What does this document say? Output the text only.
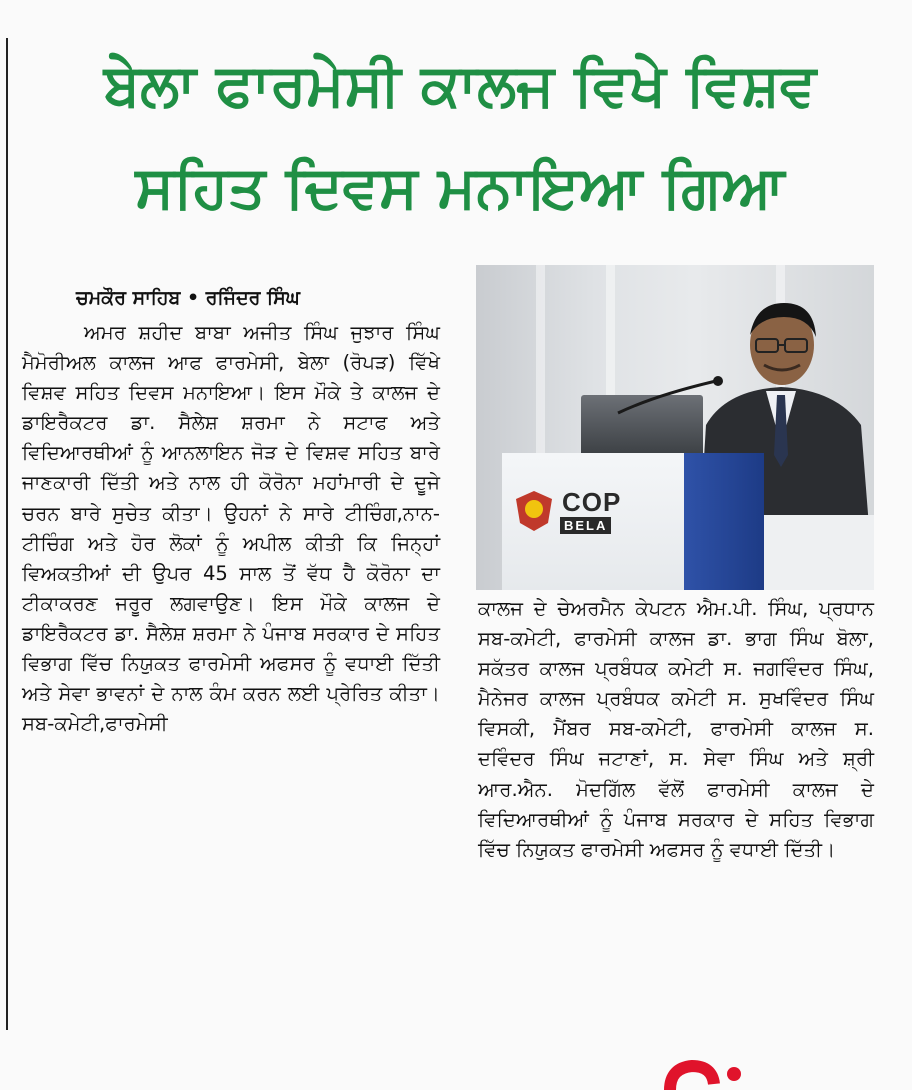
ਬੇਲਾ ਫਾਰਮੇਸੀ ਕਾਲਜ ਵਿਖੇ ਵਿਸ਼ਵ
ਸਹਿਤ ਦਿਵਸ ਮਨਾਇਆ ਗਿਆ
ਚਮਕੌਰ ਸਾਹਿਬ • ਰਜਿੰਦਰ ਸਿੰਘ

ਅਮਰ ਸ਼ਹੀਦ ਬਾਬਾ ਅਜੀਤ ਸਿੰਘ ਜੁਝਾਰ ਸਿੰਘ ਮੈਮੋਰੀਅਲ ਕਾਲਜ ਆਫ ਫਾਰਮੇਸੀ, ਬੇਲਾ (ਰੋਪੜ) ਵਿੱਖੇ ਵਿਸ਼ਵ ਸਹਿਤ ਦਿਵਸ ਮਨਾਇਆ। ਇਸ ਮੌਕੇ ਤੇ ਕਾਲਜ ਦੇ ਡਾਇਰੈਕਟਰ ਡਾ. ਸੈਲੇਸ਼ ਸ਼ਰਮਾ ਨੇ ਸਟਾਫ ਅਤੇ ਵਿਦਿਆਰਥੀਆਂ ਨੂੰ ਆਨਲਾਇਨ ਜੋੜ ਦੇ ਵਿਸ਼ਵ ਸਹਿਤ ਬਾਰੇ ਜਾਣਕਾਰੀ ਦਿੱਤੀ ਅਤੇ ਨਾਲ ਹੀ ਕੋਰੋਨਾ ਮਹਾਂਮਾਰੀ ਦੇ ਦੂਜੇ ਚਰਨ ਬਾਰੇ ਸੁਚੇਤ ਕੀਤਾ। ਉਹਨਾਂ ਨੇ ਸਾਰੇ ਟੀਚਿੰਗ,ਨਾਨ-ਟੀਚਿੰਗ ਅਤੇ ਹੋਰ ਲੋਕਾਂ ਨੂੰ ਅਪੀਲ ਕੀਤੀ ਕਿ ਜਿਨ੍ਹਾਂ ਵਿਅਕਤੀਆਂ ਦੀ ਉਪਰ 45 ਸਾਲ ਤੋਂ ਵੱਧ ਹੈ ਕੋਰੋਨਾ ਦਾ ਟੀਕਾਕਰਣ ਜਰੂਰ ਲਗਵਾਉਣ। ਇਸ ਮੌਕੇ ਕਾਲਜ ਦੇ ਡਾਇਰੈਕਟਰ ਡਾ. ਸੈਲੇਸ਼ ਸ਼ਰਮਾ ਨੇ ਪੰਜਾਬ ਸਰਕਾਰ ਦੇ ਸਹਿਤ ਵਿਭਾਗ ਵਿੱਚ ਨਿਯੁਕਤ ਫਾਰਮੇਸੀ ਅਫਸਰ ਨੂੰ ਵਧਾਈ ਦਿੱਤੀ ਅਤੇ ਸੇਵਾ ਭਾਵਨਾਂ ਦੇ ਨਾਲ ਕੰਮ ਕਰਨ ਲਈ ਪ੍ਰੇਰਿਤ ਕੀਤਾ। ਸਬ-ਕਮੇਟੀ,ਫਾਰਮੇਸੀ

COP
BELA

ਕਾਲਜ ਦੇ ਚੇਅਰਮੈਨ ਕੇਪਟਨ ਐਮ.ਪੀ. ਸਿੰਘ, ਪ੍ਰਧਾਨ ਸਬ-ਕਮੇਟੀ, ਫਾਰਮੇਸੀ ਕਾਲਜ ਡਾ. ਭਾਗ ਸਿੰਘ ਬੋਲਾ, ਸਕੱਤਰ ਕਾਲਜ ਪ੍ਰਬੰਧਕ ਕਮੇਟੀ ਸ. ਜਗਵਿੰਦਰ ਸਿੰਘ, ਮੈਨੇਜਰ ਕਾਲਜ ਪ੍ਰਬੰਧਕ ਕਮੇਟੀ ਸ. ਸੁਖਵਿੰਦਰ ਸਿੰਘ ਵਿਸਕੀ, ਮੈਂਬਰ ਸਬ-ਕਮੇਟੀ, ਫਾਰਮੇਸੀ ਕਾਲਜ ਸ. ਦਵਿੰਦਰ ਸਿੰਘ ਜਟਾਣਾਂ, ਸ. ਸੇਵਾ ਸਿੰਘ ਅਤੇ ਸ਼੍ਰੀ ਆਰ.ਐਨ. ਮੋਦਗਿੱਲ ਵੱਲੋਂ ਫਾਰਮੇਸੀ ਕਾਲਜ ਦੇ ਵਿਦਿਆਰਥੀਆਂ ਨੂੰ ਪੰਜਾਬ ਸਰਕਾਰ ਦੇ ਸਹਿਤ ਵਿਭਾਗ ਵਿੱਚ ਨਿਯੁਕਤ ਫਾਰਮੇਸੀ ਅਫਸਰ ਨੂੰ ਵਧਾਈ ਦਿੱਤੀ।
